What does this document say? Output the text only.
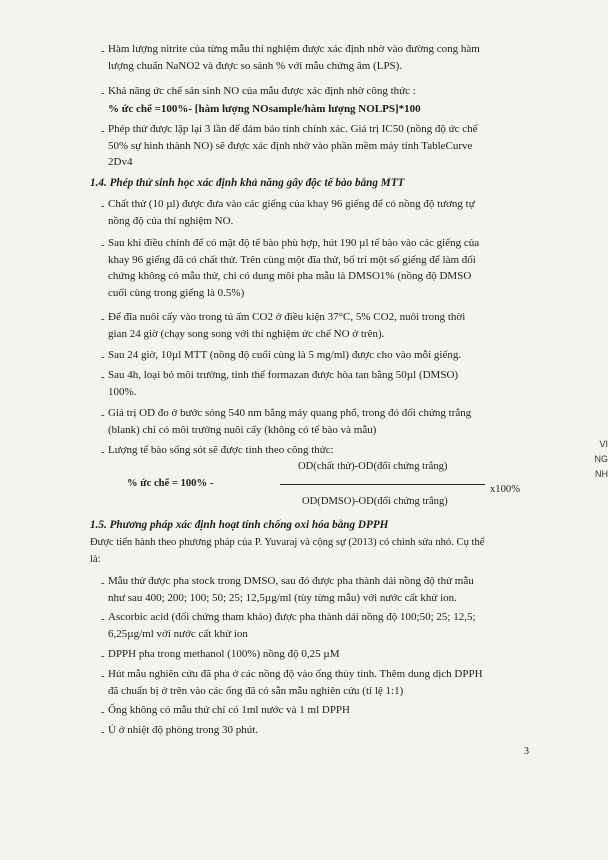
- Hàm lượng nitrite của từng mẫu thí nghiệm được xác định nhờ vào đường cong hàm
lượng chuẩn NaNO2 và được so sánh % với mẫu chứng âm (LPS).
- Khả năng ức chế sản sinh NO của mẫu được xác định nhờ công thức :
% ức chế =100%- [hàm lượng NOsample/hàm lượng NOLPS]*100
- Phép thử được lặp lại 3 lần để đảm bảo tính chính xác. Giá trị IC50 (nồng độ ức chế
50% sự hình thành NO) sẽ được xác định nhờ vào phần mềm máy tính TableCurve
2Dv4
1.4. Phép thử sinh học xác định khả năng gây độc tế bào bằng MTT
- Chất thử (10 µl) được đưa vào các giếng của khay 96 giếng để có nồng độ tương tự
nồng độ của thí nghiệm NO.
- Sau khi điều chỉnh để có mật độ tế bào phù hợp, hút 190 µl tế bào vào các giếng của
khay 96 giếng đã có chất thử. Trên cùng một đĩa thử, bố trí một số giếng để làm đối
chứng không có mẫu thử, chỉ có dung môi pha mẫu là DMSO1% (nồng độ DMSO
cuối cùng trong giếng là 0.5%)
- Để đĩa nuôi cấy vào trong tủ ấm CO2 ở điều kiện 37°C, 5% CO2, nuôi trong thời
gian 24 giờ (chạy song song với thí nghiệm ức chế NO ở trên).
- Sau 24 giờ, 10µl MTT (nồng độ cuối cùng là 5 mg/ml) được cho vào mỗi giếng.
- Sau 4h, loại bỏ môi trường, tinh thể formazan được hòa tan bằng 50µl (DMSO)
100%.
- Giá trị OD đo ở bước sóng 540 nm bằng máy quang phổ, trong đó đối chứng trắng
(blank) chỉ có môi trường nuôi cấy (không có tế bào và mẫu)
- Lượng tế bào sống sót sẽ được tính theo công thức:
OD(chất thử)-OD(đối chứng trắng)
% ức chế = 100% -
x100%
OD(DMSO)-OD(đối chứng trắng)
1.5. Phương pháp xác định hoạt tính chống oxi hóa bằng DPPH
Được tiến hành theo phương pháp của P. Yuvaraj và cộng sự (2013) có chỉnh sửa nhỏ. Cụ thể
là:
- Mẫu thử được pha stock trong DMSO, sau đó được pha thành dải nồng độ thử mẫu
như sau 400; 200; 100; 50; 25; 12,5µg/ml (tùy từng mẫu) với nước cất khử ion.
- Ascorbic acid (đối chứng tham khảo) được pha thành dải nồng độ 100;50; 25; 12,5;
6,25µg/ml với nước cất khử ion
- DPPH pha trong methanol (100%) nồng độ 0,25 µM
- Hút mẫu nghiên cứu đã pha ở các nồng độ vào ống thủy tinh. Thêm dung dịch DPPH
đã chuẩn bị ở trên vào các ống đã có sẵn mẫu nghiên cứu (tỉ lệ 1:1)
- Ống không có mẫu thử chỉ có 1ml nước và 1 ml DPPH
- Ủ ở nhiệt độ phòng trong 30 phút.
VI
NG
NH
3
